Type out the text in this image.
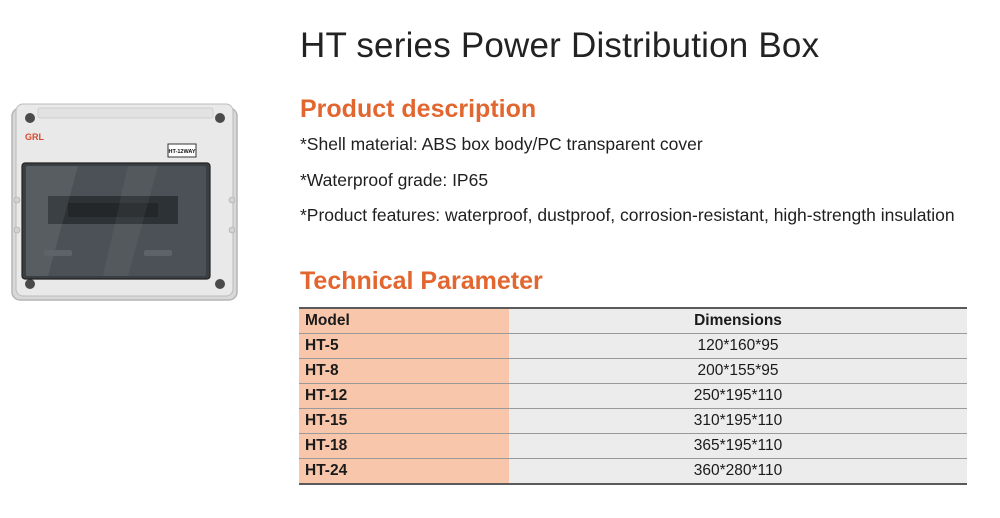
GRL
HT-12WAY
HT series Power Distribution Box
Product description

*Shell material: ABS box body/PC transparent cover

*Waterproof grade: IP65

*Product features: waterproof, dustproof, corrosion-resistant, high-strength insulation

Technical Parameter
Model	Dimensions
HT-5	120*160*95
HT-8	200*155*95
HT-12	250*195*110
HT-15	310*195*110
HT-18	365*195*110
HT-24	360*280*110
